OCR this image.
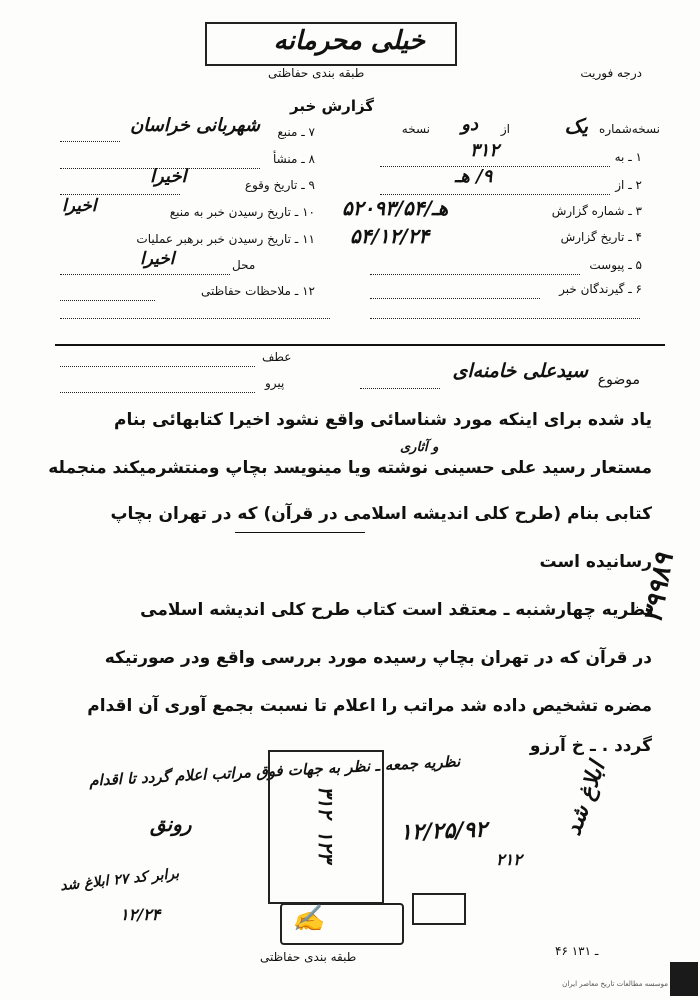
خیلی محرمانه
طبقه بندی حفاظتی	درجه فوریت
گزارش خبر
نسخه‌شماره
یک
از
دو
نسخه
۱ ـ به
۳۱۲
۲ ـ از
۹/ هـ
۳ ـ شماره گزارش
۵۲۰۹۳/۵۴/هـ
۴ ـ تاریخ گزارش
۵۴/۱۲/۲۴
۵ ـ پیوست
۶ ـ گیرندگان خبر
۷ ـ منبع
شهربانی خراسان
۸ ـ منشأ
۹ ـ تاریخ وقوع
اخیرا
۱۰ ـ تاریخ رسیدن خبر به منبع
اخیرا
۱۱ ـ تاریخ رسیدن خبر برهبر عملیات
محل
اخیرا
۱۲ ـ ملاحظات حفاظتی
موضوع
سیدعلی خامنه‌ای
عطف
پیرو
یاد شده برای اینکه مورد شناسائی واقع نشود اخیرا کتابهائی بنام
و آثاری
مستعار رسید علی حسینی نوشته ویا مینویسد بچاپ ومنتشرمیکند منجمله
کتابی بنام (طرح کلی اندیشه اسلامی در قرآن) که در تهران بچاپ
رسانیده است
نظریه چهارشنبه ـ معتقد است کتاب طرح کلی اندیشه اسلامی
در قرآن که در تهران بچاپ رسیده مورد بررسی واقع ودر صورتیکه
مضره تشخیص داده شد مراتب را اعلام تا نسبت بجمع آوری آن اقدام
گردد . ـ خ آرزو
۳۹۹۸۹
ابلاغ شد
نظریه جمعه ـ نظر به جهات فوق مراتب اعلام گردد تا اقدام
رونق
برابر کد ۲۷ ابلاغ شد
۱۲/۲۴
۳۱۲
۱۲۳	۱۲/۲۵/۹۲
۲۱۲
✍
طبقه بندی حفاظتی	۴۶ ـ ۱۳۱
موسسه مطالعات تاریخ معاصر ایران
